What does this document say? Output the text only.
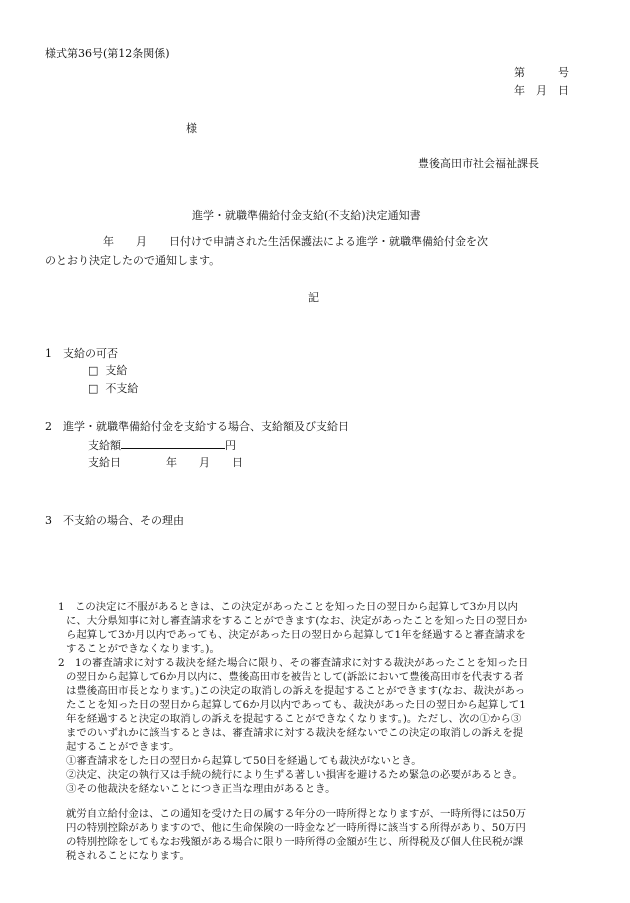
様式第36号(第12条関係)
第　　　号
年　月　日
様
豊後高田市社会福祉課長
進学・就職準備給付金支給(不支給)決定通知書
年　　月　　日付けで申請された生活保護法による進学・就職準備給付金を次
のとおり決定したので通知します。
記
1　支給の可否
□ 支給
□ 不支給
2　進学・就職準備給付金を支給する場合、支給額及び支給日
支給額	円
支給日	年　　月　　日
3　不支給の場合、その理由
1　この決定に不服があるときは、この決定があったことを知った日の翌日から起算して3か月以内
に、大分県知事に対し審査請求をすることができます(なお、決定があったことを知った日の翌日か
ら起算して3か月以内であっても、決定があった日の翌日から起算して1年を経過すると審査請求を
することができなくなります。)。
2　1の審査請求に対する裁決を経た場合に限り、その審査請求に対する裁決があったことを知った日
の翌日から起算して6か月以内に、豊後高田市を被告として(訴訟において豊後高田市を代表する者
は豊後高田市長となります。)この決定の取消しの訴えを提起することができます(なお、裁決があっ
たことを知った日の翌日から起算して6か月以内であっても、裁決があった日の翌日から起算して1
年を経過すると決定の取消しの訴えを提起することができなくなります。)。ただし、次の①から③
までのいずれかに該当するときは、審査請求に対する裁決を経ないでこの決定の取消しの訴えを提
起することができます。
①審査請求をした日の翌日から起算して50日を経過しても裁決がないとき。
②決定、決定の執行又は手続の続行により生ずる著しい損害を避けるため緊急の必要があるとき。
③その他裁決を経ないことにつき正当な理由があるとき。
就労自立給付金は、この通知を受けた日の属する年分の一時所得となりますが、一時所得には50万
円の特別控除がありますので、他に生命保険の一時金など一時所得に該当する所得があり、50万円
の特別控除をしてもなお残額がある場合に限り一時所得の金額が生じ、所得税及び個人住民税が課
税されることになります。
